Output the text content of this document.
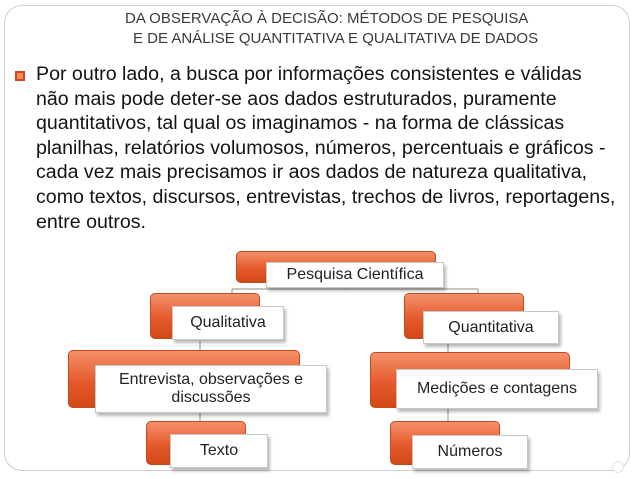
DA OBSERVAÇÃO À DECISÃO: MÉTODOS DE PESQUISA
E DE ANÁLISE QUANTITATIVA E QUALITATIVA DE DADOS
Por outro lado, a busca por informações consistentes e válidas não mais pode deter-se aos dados estruturados, puramente quantitativos, tal qual os imaginamos - na forma de clássicas planilhas, relatórios volumosos, números, percentuais e gráficos - cada vez mais precisamos ir aos dados de natureza qualitativa, como textos, discursos, entrevistas, trechos de livros, reportagens, entre outros.
Pesquisa Científica
Qualitativa
Entrevista, observações e discussões
Texto
Quantitativa
Medições e contagens
Números
